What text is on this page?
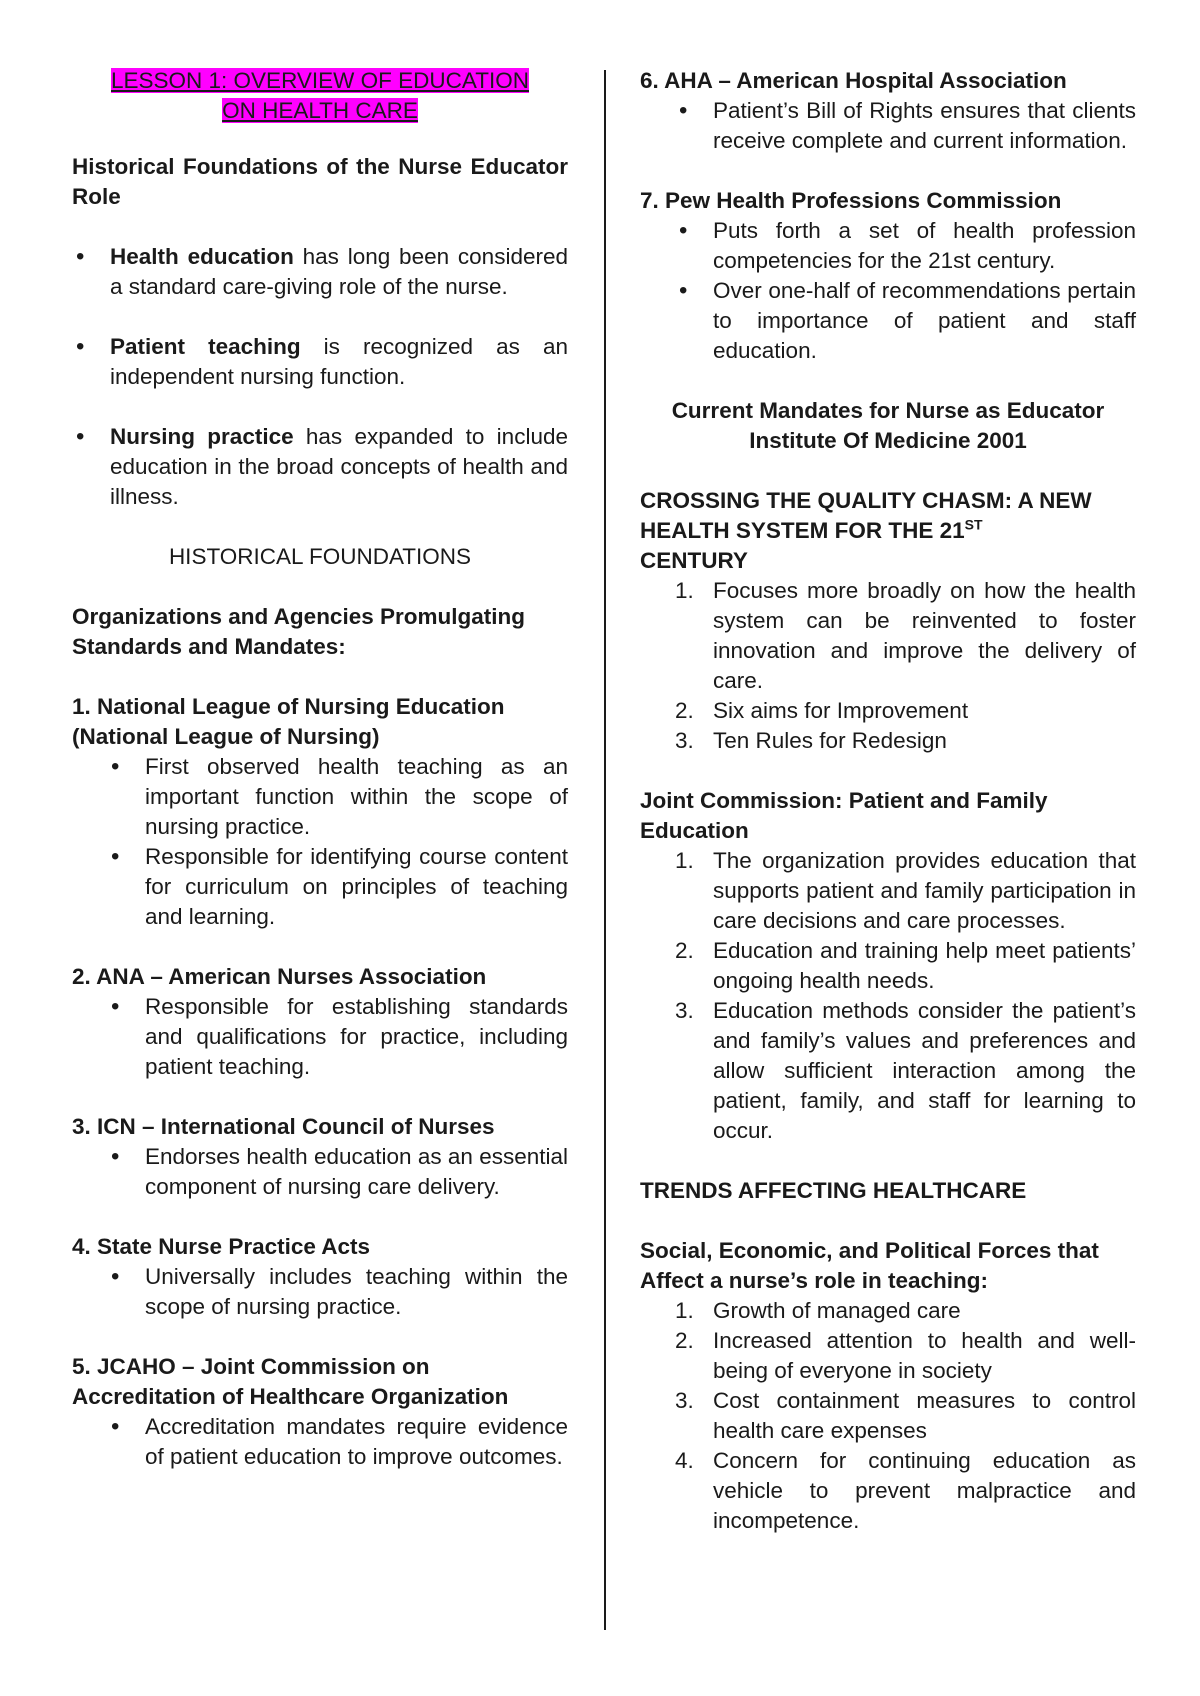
LESSON 1: OVERVIEW OF EDUCATION
ON HEALTH CARE

Historical Foundations of the Nurse Educator Role

• Health education has long been considered a standard care-giving role of the nurse.
• Patient teaching is recognized as an independent nursing function.
• Nursing practice has expanded to include education in the broad concepts of health and illness.

HISTORICAL FOUNDATIONS

Organizations and Agencies Promulgating Standards and Mandates:

1. National League of Nursing Education (National League of Nursing)

• First observed health teaching as an important function within the scope of nursing practice.
• Responsible for identifying course content for curriculum on principles of teaching and learning.

2. ANA – American Nurses Association

• Responsible for establishing standards and qualifications for practice, including patient teaching.

3. ICN – International Council of Nurses

• Endorses health education as an essential component of nursing care delivery.

4. State Nurse Practice Acts

• Universally includes teaching within the scope of nursing practice.

5. JCAHO – Joint Commission on Accreditation of Healthcare Organization

• Accreditation mandates require evidence of patient education to improve outcomes.

6. AHA – American Hospital Association

• Patient’s Bill of Rights ensures that clients receive complete and current information.

7. Pew Health Professions Commission

• Puts forth a set of health profession competencies for the 21st century.
• Over one-half of recommendations pertain to importance of patient and staff education.

Current Mandates for Nurse as Educator
Institute Of Medicine 2001

CROSSING THE QUALITY CHASM: A NEW HEALTH SYSTEM FOR THE 21ST
CENTURY

1. Focuses more broadly on how the health system can be reinvented to foster innovation and improve the delivery of care.
2. Six aims for Improvement
3. Ten Rules for Redesign

Joint Commission: Patient and Family Education

1. The organization provides education that supports patient and family participation in care decisions and care processes.
2. Education and training help meet patients’ ongoing health needs.
3. Education methods consider the patient’s and family’s values and preferences and allow sufficient interaction among the patient, family, and staff for learning to occur.

TRENDS AFFECTING HEALTHCARE

Social, Economic, and Political Forces that Affect a nurse’s role in teaching:

1. Growth of managed care
2. Increased attention to health and well-being of everyone in society
3. Cost containment measures to control health care expenses
4. Concern for continuing education as vehicle to prevent malpractice and incompetence.
